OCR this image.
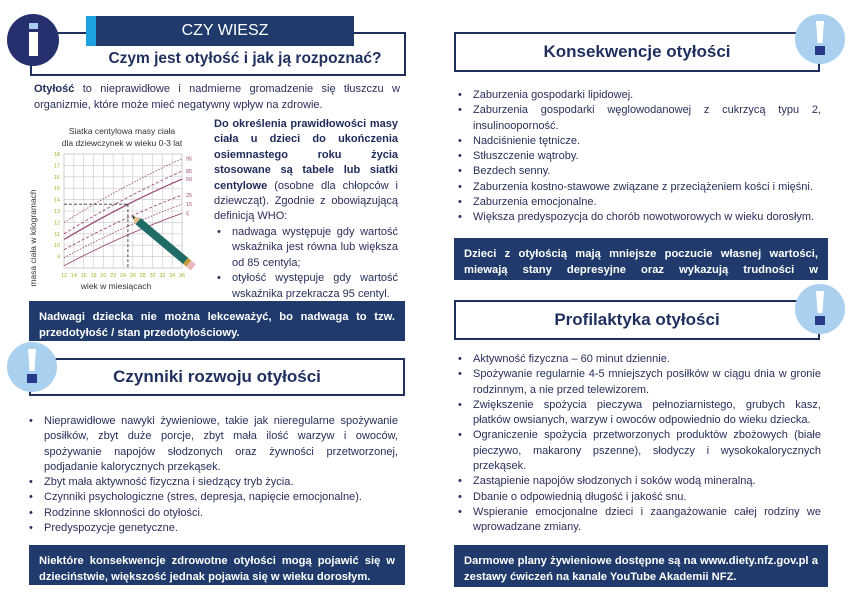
CZY WIESZ
Czym jest otyłość i jak ją rozpoznać?
Otyłość to nieprawidłowe i nadmierne gromadzenie się tłuszczu w organizmie, które może mieć negatywny wpływ na zdrowie.
Siatka centylowa masy ciała
dla dziewczynek w wieku 0-3 lat
masa ciała w kilogramach	wiek w miesiącach
95
85
50
25
15
5
12 14 16 18 20 22 24 26 28 30 32 34 36
9
10
11
12
13
14
15
16
17
18
Do określenia prawidłowości masy ciała u dzieci do ukończenia osiemnastego roku życia stosowane są tabele lub siatki centylowe (osobne dla chłopców i dziewcząt). Zgodnie z obowiązującą definicją WHO:
• nadwaga występuje gdy wartość wskaźnika jest równa lub większa od 85 centyla;
• otyłość występuje gdy wartość wskaźnika przekracza 95 centyl.
Nadwagi dziecka nie można lekceważyć, bo nadwaga to tzw. przedotyłość / stan przedotyłościowy.
Czynniki rozwoju otyłości
• Nieprawidłowe nawyki żywieniowe, takie jak nieregularne spożywanie posiłków, zbyt duże porcje, zbyt mała ilość warzyw i owoców, spożywanie napojów słodzonych oraz żywności przetworzonej, podjadanie kalorycznych przekąsek.
• Zbyt mała aktywność fizyczna i siedzący tryb życia.
• Czynniki psychologiczne (stres, depresja, napięcie emocjonalne).
• Rodzinne skłonności do otyłości.
• Predyspozycje genetyczne.
Niektóre konsekwencje zdrowotne otyłości mogą pojawić się w dzieciństwie, większość jednak pojawia się w wieku dorosłym.
Konsekwencje otyłości
• Zaburzenia gospodarki lipidowej.
• Zaburzenia gospodarki węglowodanowej z cukrzycą typu 2, insulinooporność.
• Nadciśnienie tętnicze.
• Stłuszczenie wątroby.
• Bezdech senny.
• Zaburzenia kostno-stawowe związane z przeciążeniem kości i mięśni.
• Zaburzenia emocjonalne.
• Większa predyspozycja do chorób nowotworowych w wieku dorosłym.
Dzieci z otyłością mają mniejsze poczucie własnej wartości, miewają stany depresyjne oraz wykazują trudności w nawiązywaniu kontaktów.
Profilaktyka otyłości
• Aktywność fizyczna – 60 minut dziennie.
• Spożywanie regularnie 4-5 mniejszych posiłków w ciągu dnia w gronie rodzinnym, a nie przed telewizorem.
• Zwiększenie spożycia pieczywa pełnoziarnistego, grubych kasz, płatków owsianych, warzyw i owoców odpowiednio do wieku dziecka.
• Ograniczenie spożycia przetworzonych produktów zbożowych (białe pieczywo, makarony pszenne), słodyczy i wysokokalorycznych przekąsek.
• Zastąpienie napojów słodzonych i soków wodą mineralną.
• Dbanie o odpowiednią długość i jakość snu.
• Wspieranie emocjonalne dzieci i zaangażowanie całej rodziny we wprowadzane zmiany.
Darmowe plany żywieniowe dostępne są na www.diety.nfz.gov.pl a zestawy ćwiczeń na kanale YouTube Akademii NFZ.
